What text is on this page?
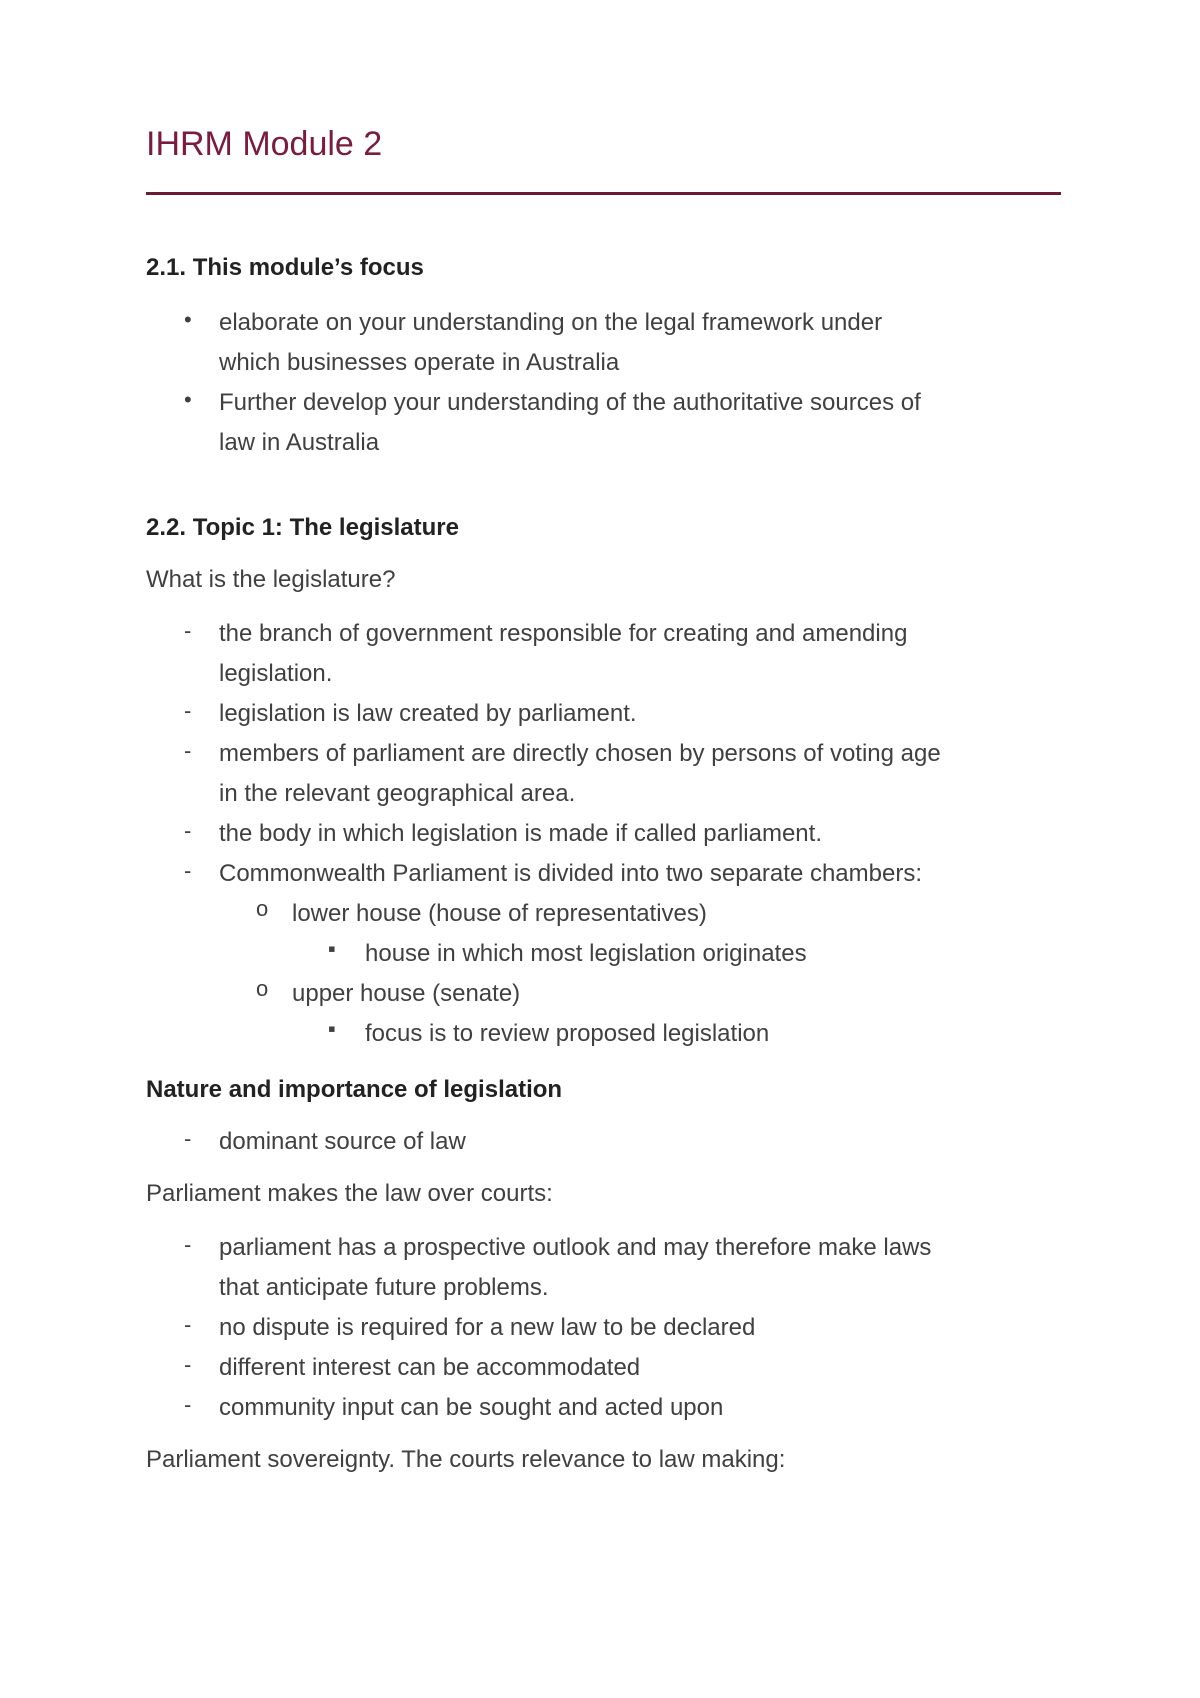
IHRM Module 2
2.1. This module’s focus
• elaborate on your understanding on the legal framework under
which businesses operate in Australia
• Further develop your understanding of the authoritative sources of
law in Australia
2.2. Topic 1: The legislature
What is the legislature?
- the branch of government responsible for creating and amending
legislation.
- legislation is law created by parliament.
- members of parliament are directly chosen by persons of voting age
in the relevant geographical area.
- the body in which legislation is made if called parliament.
- Commonwealth Parliament is divided into two separate chambers:
o lower house (house of representatives)
▪ house in which most legislation originates
o upper house (senate)
▪ focus is to review proposed legislation
Nature and importance of legislation
- dominant source of law
Parliament makes the law over courts:
- parliament has a prospective outlook and may therefore make laws
that anticipate future problems.
- no dispute is required for a new law to be declared
- different interest can be accommodated
- community input can be sought and acted upon
Parliament sovereignty. The courts relevance to law making:
